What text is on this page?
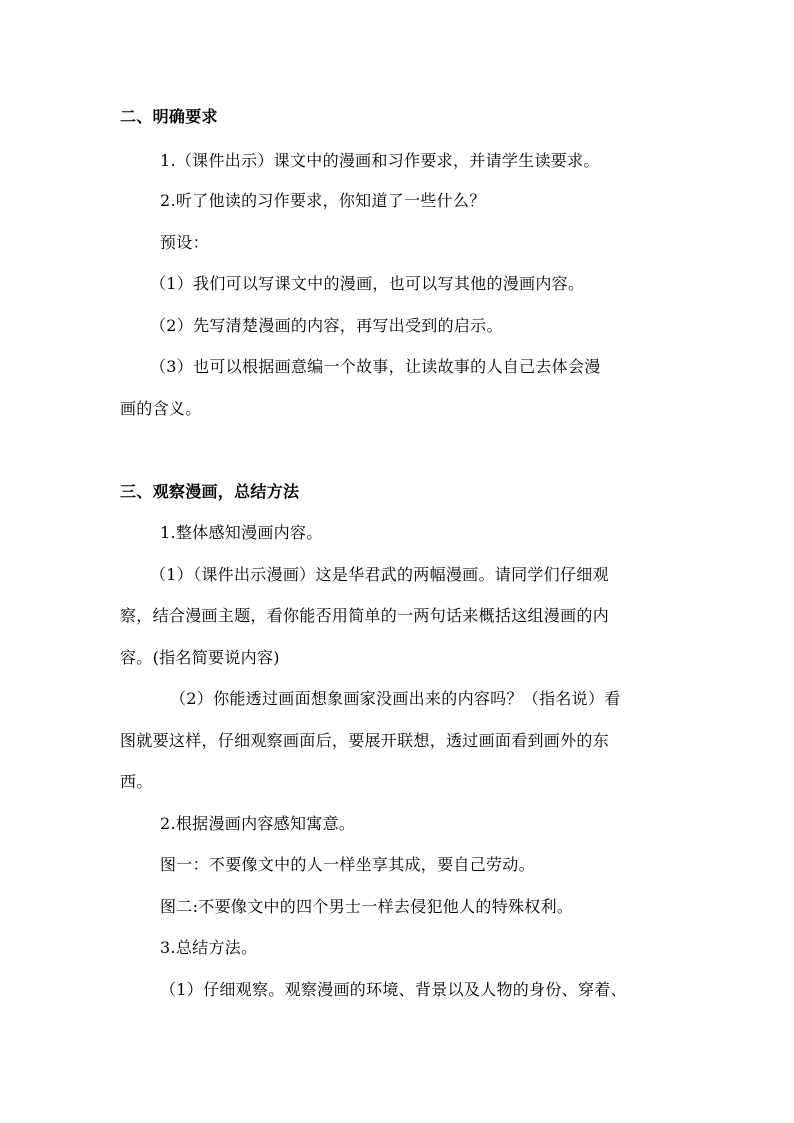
二、明确要求
1.（课件出示）课文中的漫画和习作要求，并请学生读要求。
2.听了他读的习作要求，你知道了一些什么？
预设：
（1）我们可以写课文中的漫画，也可以写其他的漫画内容。
（2）先写清楚漫画的内容，再写出受到的启示。
（3）也可以根据画意编一个故事，让读故事的人自己去体会漫
画的含义。
三、观察漫画，总结方法
1.整体感知漫画内容。
（1）（课件出示漫画）这是华君武的两幅漫画。请同学们仔细观
察，结合漫画主题，看你能否用简单的一两句话来概括这组漫画的内
容。(指名简要说内容)
（2）你能透过画面想象画家没画出来的内容吗？（指名说）看
图就要这样，仔细观察画面后，要展开联想，透过画面看到画外的东
西。
2.根据漫画内容感知寓意。
图一：不要像文中的人一样坐享其成，要自己劳动。
图二:不要像文中的四个男士一样去侵犯他人的特殊权利。
3.总结方法。
（1）仔细观察。观察漫画的环境、背景以及人物的身份、穿着、
